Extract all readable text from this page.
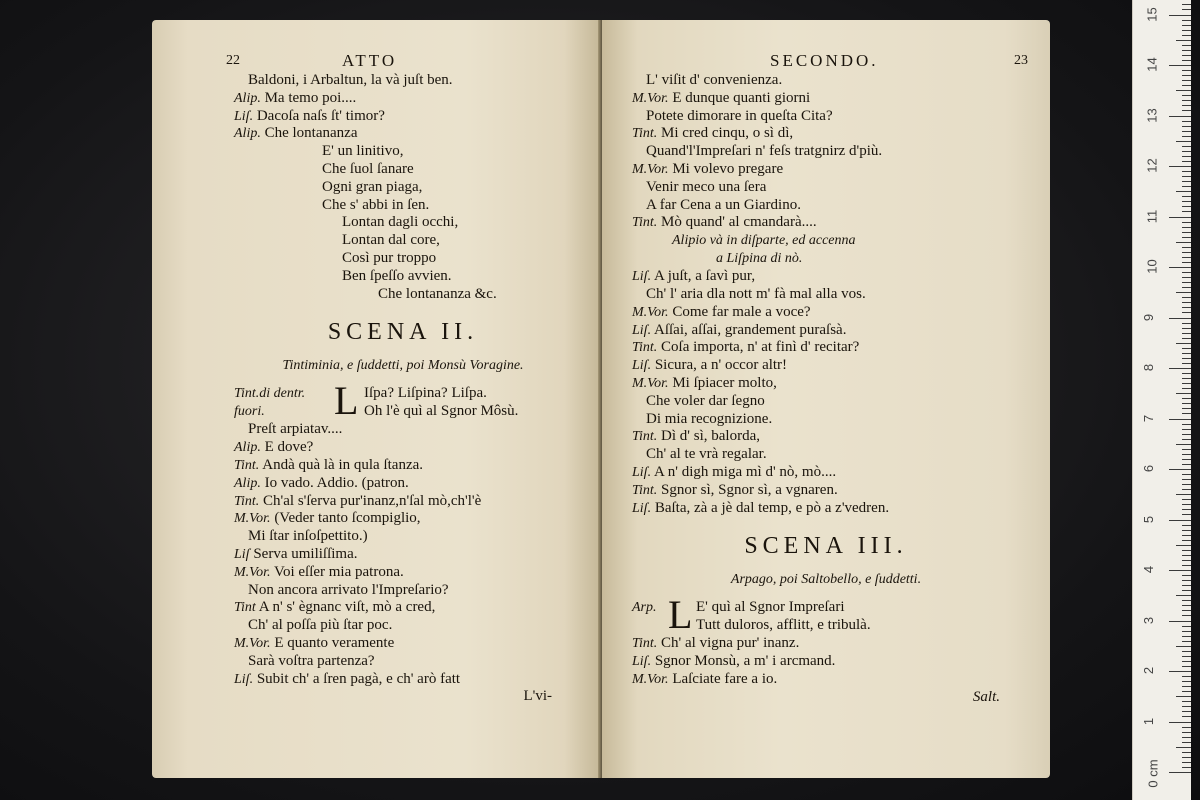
22	ATTO
Baldoni, i Arbaltun, la và juſt ben.
Alip. Ma temo poi....
Liſ. Dacoſa naſs ſt' timor?
Alip. Che lontananza
E' un linitivo,
Che ſuol ſanare
Ogni gran piaga,
Che s' abbi in ſen.
Lontan dagli occhi,
Lontan dal core,
Così pur troppo
Ben ſpeſſo avvien.
Che lontananza &c.
SCENA II.
Tintiminia, e ſuddetti, poi Monsù Voragine.
Tint.di dentr.
fuori. L Iſpa? Liſpina? Liſpa.
Oh l'è quì al Sgnor Môsù.
Preſt arpiatav....
Alip. E dove?
Tint. Andà quà là in qula ſtanza.
Alip. Io vado. Addio. (patron.
Tint. Ch'al s'ſerva pur'inanz,n'ſal mò,ch'l'è
M.Vor. (Veder tanto ſcompiglio,
Mi ſtar inſoſpettito.)
Liſ Serva umiliſſima.
M.Vor. Voi eſſer mia patrona.
Non ancora arrivato l'Impreſario?
Tint A n' s' ègnanc viſt, mò a cred,
Ch' al poſſa più ſtar poc.
M.Vor. E quanto veramente
Sarà voſtra partenza?
Liſ. Subit ch' a ſren pagà, e ch' arò fatt
L'vi-
SECONDO.	23
L' viſit d' convenienza.
M.Vor. E dunque quanti giorni
Potete dimorare in queſta Cita?
Tint. Mi cred cinqu, o sì dì,
Quand'l'Impreſari n' feſs tratgnirz d'più.
M.Vor. Mi volevo pregare
Venir meco una ſera
A far Cena a un Giardino.
Tint. Mò quand' al cmandarà....
Alipio và in diſparte, ed accenna
a Liſpina di nò.
Liſ. A juſt, a ſavì pur,
Ch' l' aria dla nott m' fà mal alla vos.
M.Vor. Come far male a voce?
Liſ. Aſſai, aſſai, grandement puraſsà.
Tint. Coſa importa, n' at finì d' recitar?
Liſ. Sicura, a n' occor altr!
M.Vor. Mi ſpiacer molto,
Che voler dar ſegno
Di mia recognizione.
Tint. Dì d' sì, balorda,
Ch' al te vrà regalar.
Liſ. A n' digh miga mì d' nò, mò....
Tint. Sgnor sì, Sgnor sì, a vgnaren.
Liſ. Baſta, zà a jè dal temp, e pò a z'vedren.
SCENA III.
Arpago, poi Saltobello, e ſuddetti.
Arp. L E' quì al Sgnor Impreſari
Tutt duloros, afflitt, e tribulà.
Tint. Ch' al vigna pur' inanz.
Liſ. Sgnor Monsù, a m' i arcmand.
M.Vor. Laſciate fare a io.
Salt.
0 cm
1
2
3
4
5
6
7
8
9
10
11
12
13
14
15
